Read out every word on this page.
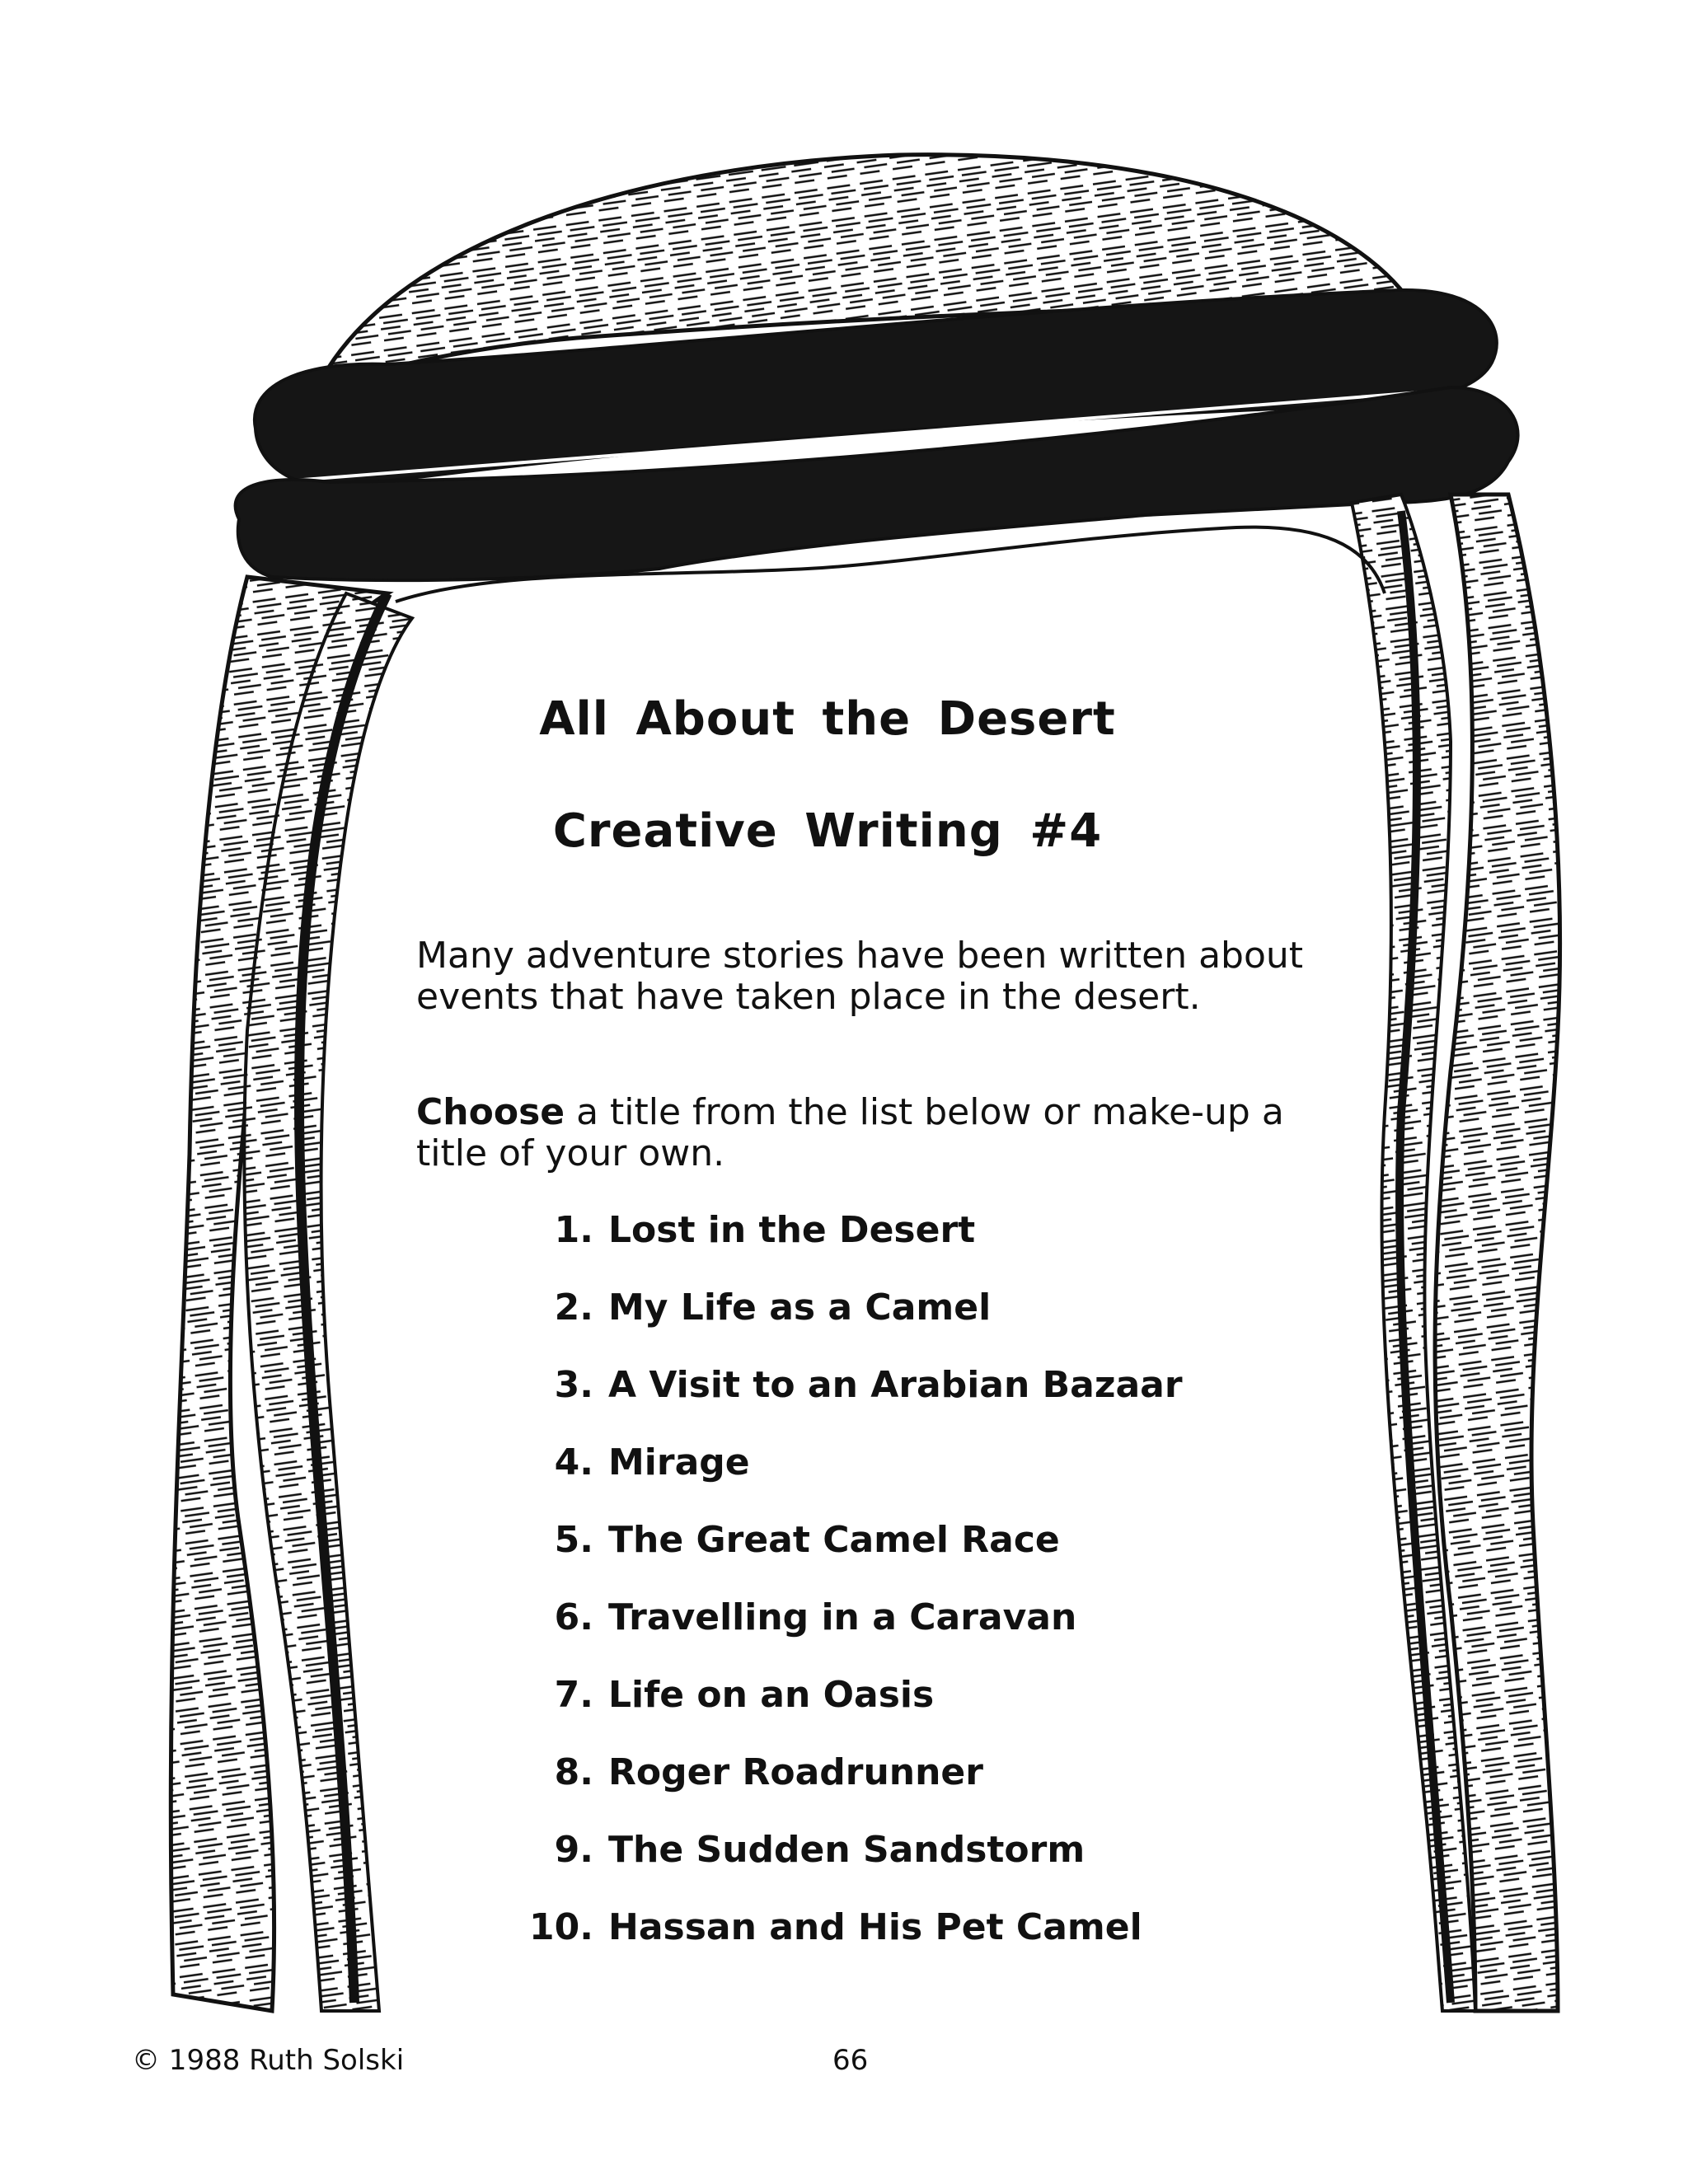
All About the Desert
Creative Writing #4
Many adventure stories have been written about events that have taken place in the desert.
Choose a title from the list below or make-up a title of your own.
1. Lost in the Desert
2. My Life as a Camel
3. A Visit to an Arabian Bazaar
4. Mirage
5. The Great Camel Race
6. Travelling in a Caravan
7. Life on an Oasis
8. Roger Roadrunner
9. The Sudden Sandstorm
10. Hassan and His Pet Camel
© 1988 Ruth Solski	66
